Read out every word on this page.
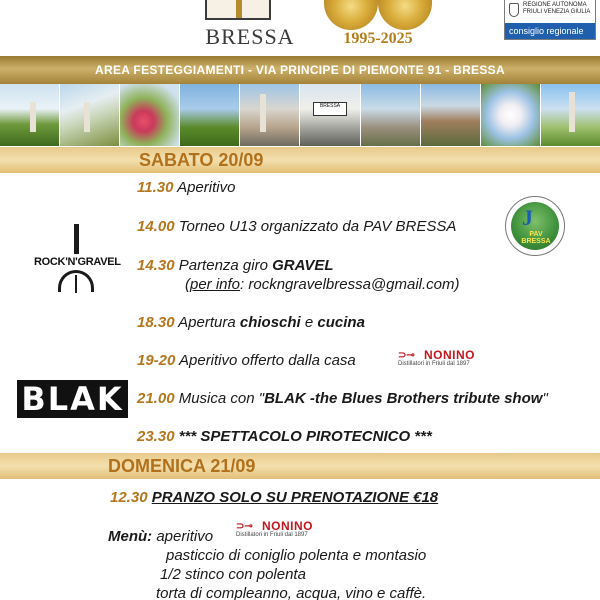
BRESSA	1995-2025
REGIONE AUTONOMA FRIULI VENEZIA GIULIA
consiglio regionale
AREA FESTEGGIAMENTI - VIA PRINCIPE DI PIEMONTE 91 - BRESSA
BRESSA
SABATO 20/09
11.30 Aperitivo
14.00 Torneo U13 organizzato da PAV BRESSA	J
PAV BRESSA
ROCK'N'GRAVEL 14.30 Partenza giro GRAVEL
(per info: rockngravelbressa@gmail.com)
18.30 Apertura chioschi e cucina
19-20 Aperitivo offerto dalla casa	⊃⊸ NONINO
Distillatori in Friuli dal 1897
BLAK 21.00 Musica con "BLAK -the Blues Brothers tribute show"
23.30 *** SPETTACOLO PIROTECNICO ***
DOMENICA 21/09
12.30 PRANZO SOLO SU PRENOTAZIONE €18
Menù: aperitivo
⊃⊸ NONINO
Distillatori in Friuli dal 1897
pasticcio di coniglio polenta e montasio
1/2 stinco con polenta
torta di compleanno, acqua, vino e caffè.
